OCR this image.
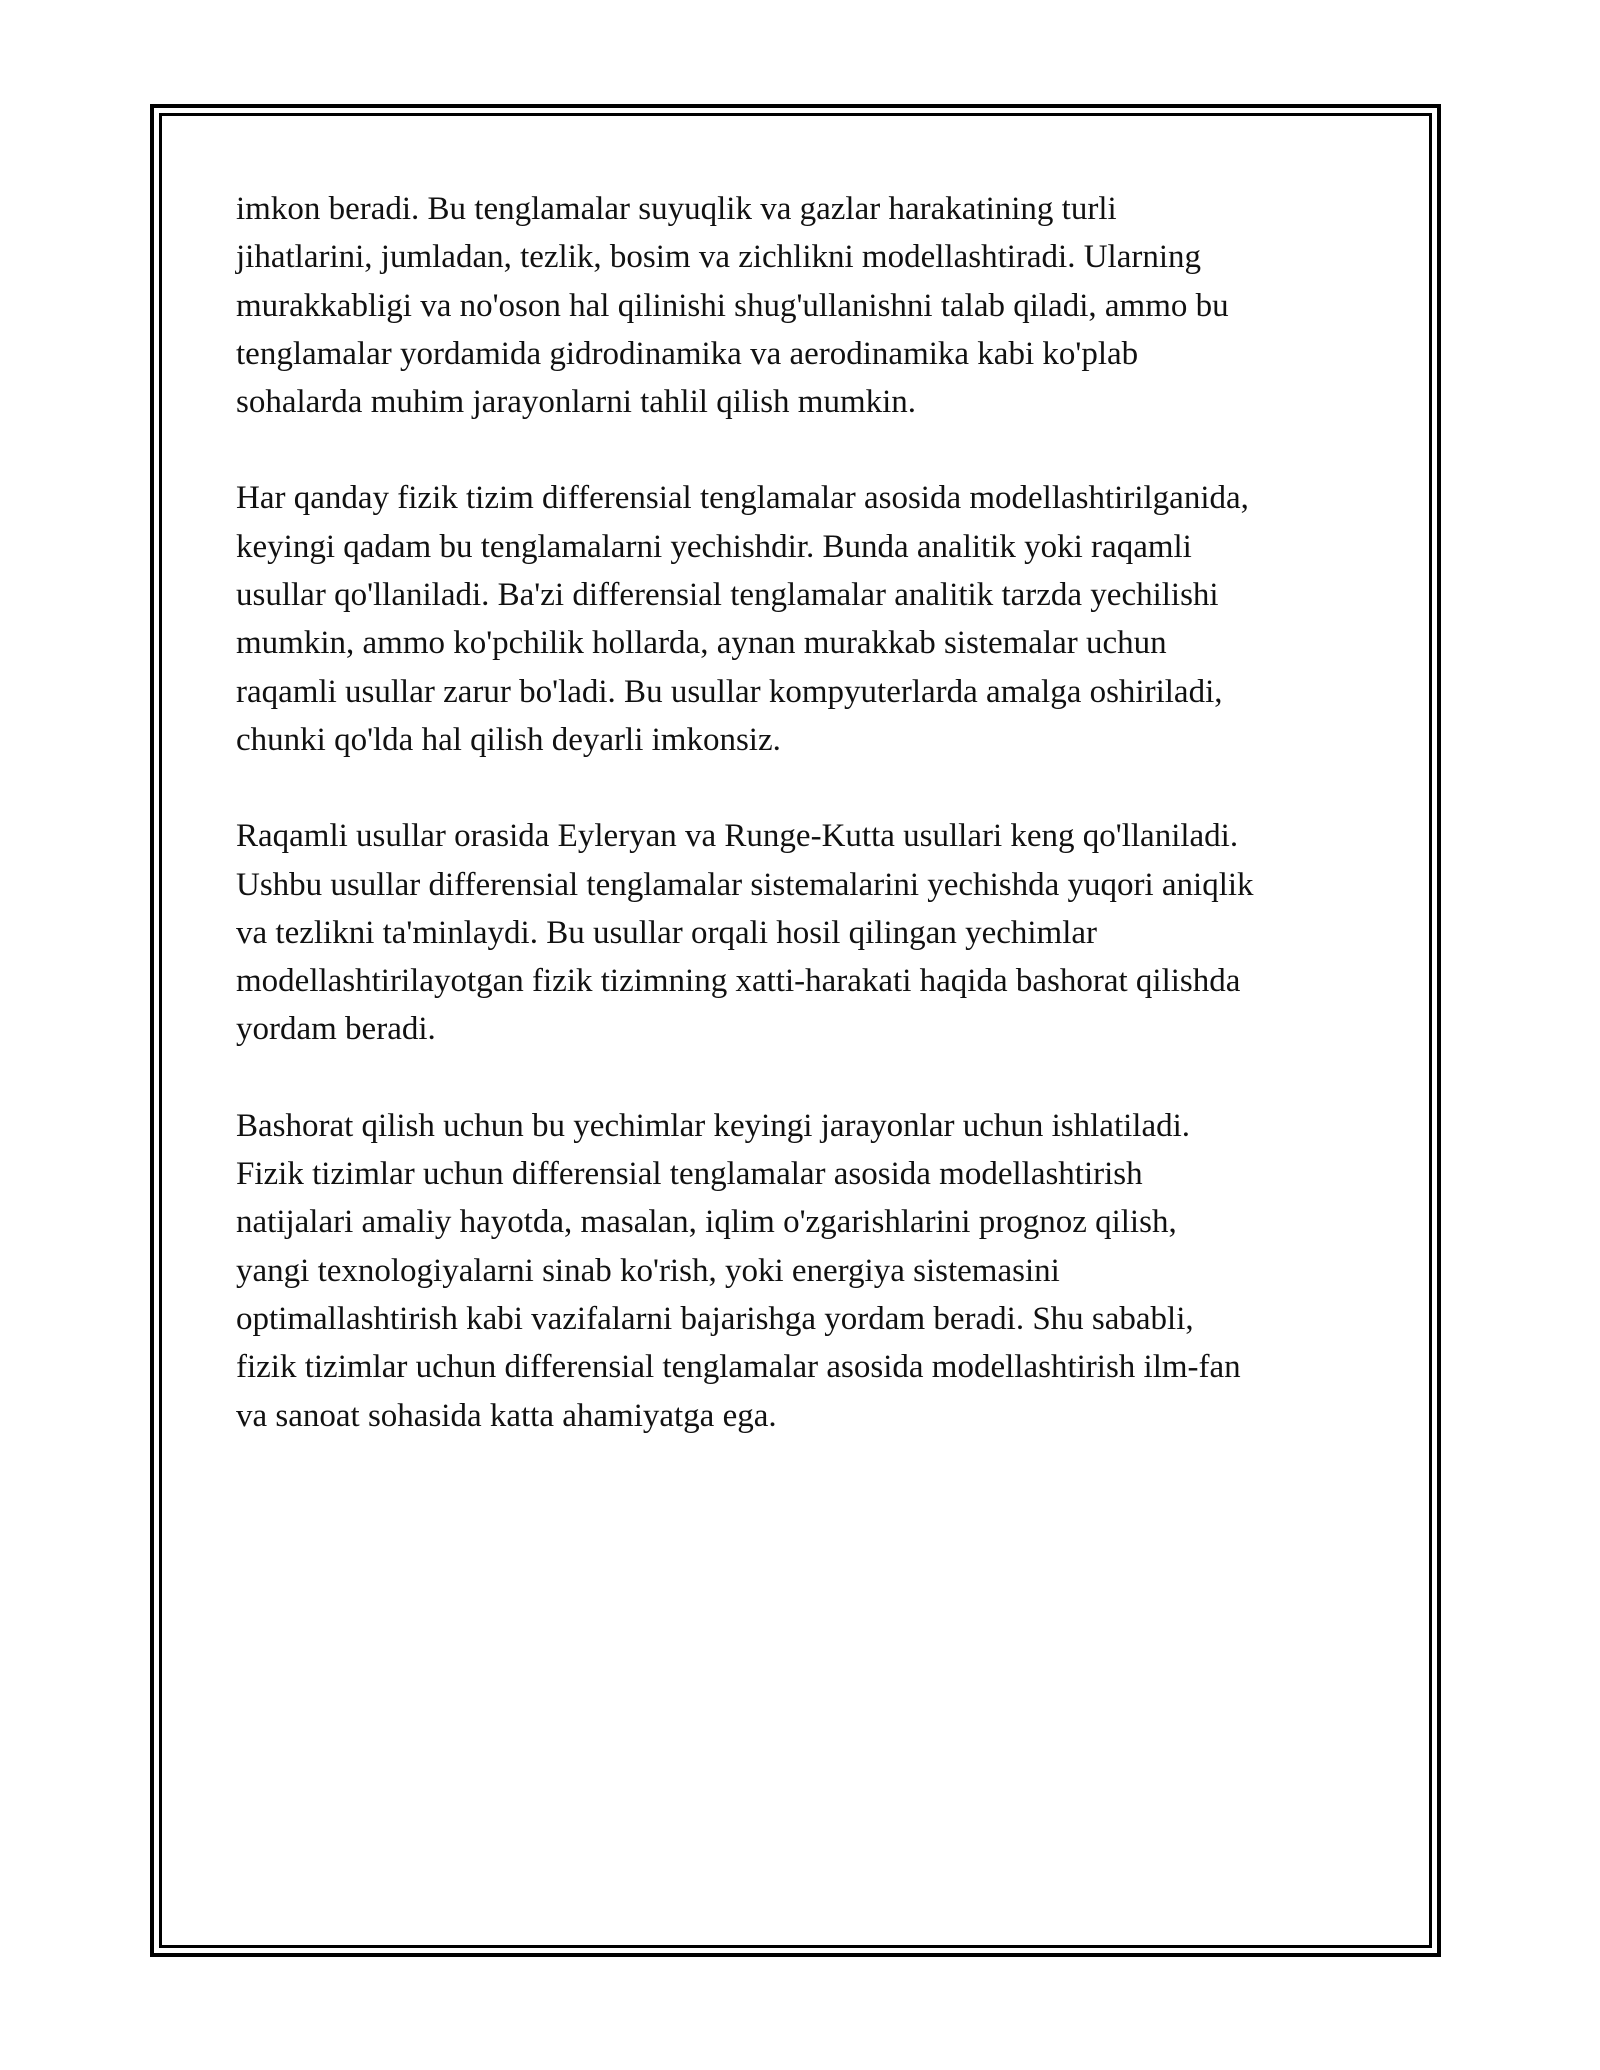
imkon beradi. Bu tenglamalar suyuqlik va gazlar harakatining turli
jihatlarini, jumladan, tezlik, bosim va zichlikni modellashtiradi. Ularning
murakkabligi va no'oson hal qilinishi shug'ullanishni talab qiladi, ammo bu
tenglamalar yordamida gidrodinamika va aerodinamika kabi ko'plab
sohalarda muhim jarayonlarni tahlil qilish mumkin.

Har qanday fizik tizim differensial tenglamalar asosida modellashtirilganida,
keyingi qadam bu tenglamalarni yechishdir. Bunda analitik yoki raqamli
usullar qo'llaniladi. Ba'zi differensial tenglamalar analitik tarzda yechilishi
mumkin, ammo ko'pchilik hollarda, aynan murakkab sistemalar uchun
raqamli usullar zarur bo'ladi. Bu usullar kompyuterlarda amalga oshiriladi,
chunki qo'lda hal qilish deyarli imkonsiz.

Raqamli usullar orasida Eyleryan va Runge-Kutta usullari keng qo'llaniladi.
Ushbu usullar differensial tenglamalar sistemalarini yechishda yuqori aniqlik
va tezlikni ta'minlaydi. Bu usullar orqali hosil qilingan yechimlar
modellashtirilayotgan fizik tizimning xatti-harakati haqida bashorat qilishda
yordam beradi.

Bashorat qilish uchun bu yechimlar keyingi jarayonlar uchun ishlatiladi.
Fizik tizimlar uchun differensial tenglamalar asosida modellashtirish
natijalari amaliy hayotda, masalan, iqlim o'zgarishlarini prognoz qilish,
yangi texnologiyalarni sinab ko'rish, yoki energiya sistemasini
optimallashtirish kabi vazifalarni bajarishga yordam beradi. Shu sababli,
fizik tizimlar uchun differensial tenglamalar asosida modellashtirish ilm-fan
va sanoat sohasida katta ahamiyatga ega.
